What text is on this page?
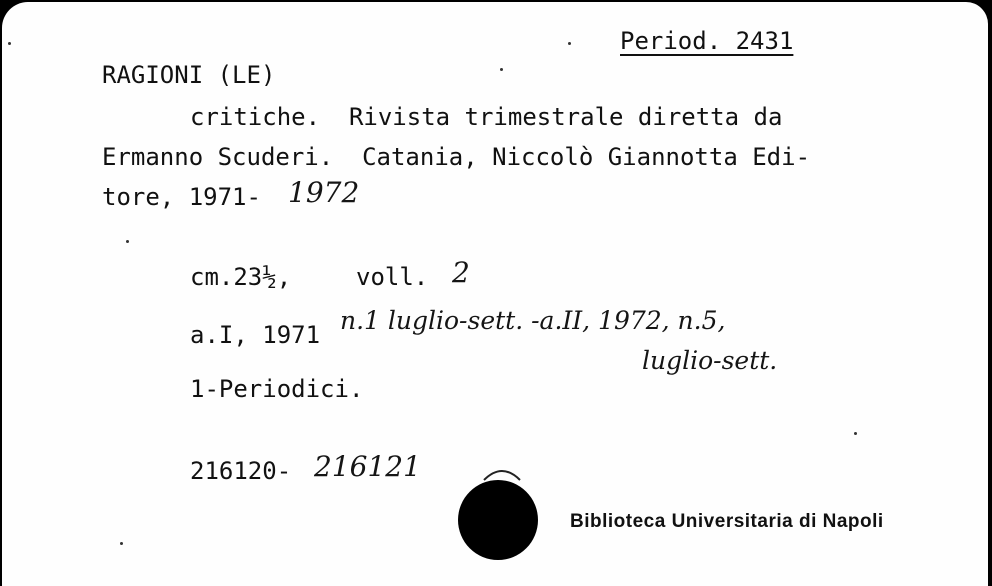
Period. 2431
RAGIONI (LE)
critiche.  Rivista trimestrale diretta da
Ermanno Scuderi.  Catania, Niccolò Giannotta Edi-
tore, 1971- 1972
cm.23½,	voll. 2
a.I, 1971 n.1 luglio-sett. -a.II, 1972, n.5,
luglio-sett.
1-Periodici.
216120- 216121
Biblioteca Universitaria di Napoli
